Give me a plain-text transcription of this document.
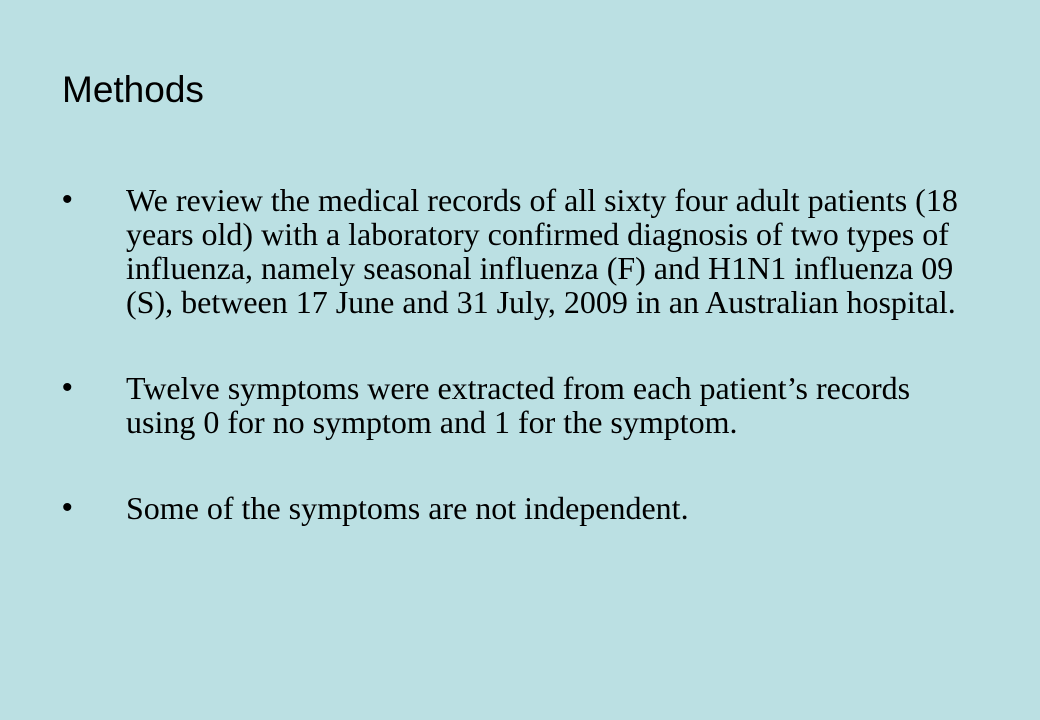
Methods
• We review the medical records of all sixty four adult patients (18 years old) with a laboratory confirmed diagnosis of two types of influenza, namely seasonal influenza (F) and H1N1 influenza 09 (S), between 17 June and 31 July, 2009 in an Australian hospital.
• Twelve symptoms were extracted from each patient’s records using 0 for no symptom and 1 for the symptom.
• Some of the symptoms are not independent.
